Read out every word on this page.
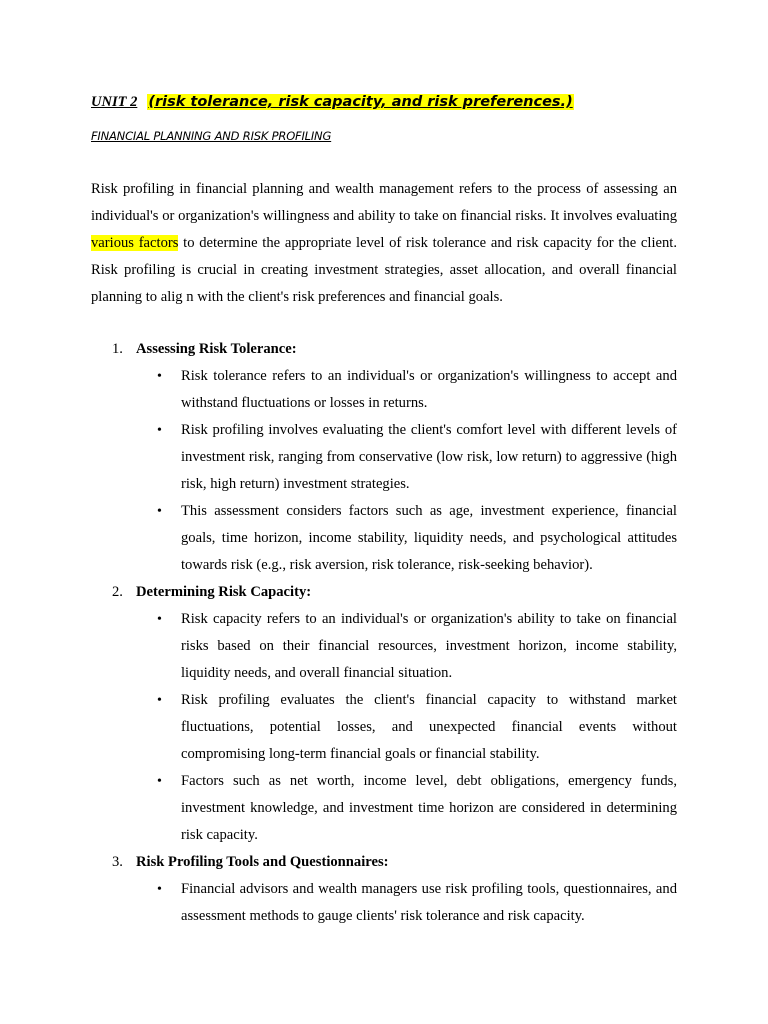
UNIT 2 (risk tolerance, risk capacity, and risk preferences.)
FINANCIAL PLANNING AND RISK PROFILING

Risk profiling in financial planning and wealth management refers to the process of assessing an individual's or organization's willingness and ability to take on financial risks. It involves evaluating various factors to determine the appropriate level of risk tolerance and risk capacity for the client. Risk profiling is crucial in creating investment strategies, asset allocation, and overall financial planning to alig n with the client's risk preferences and financial goals.

1. Assessing Risk Tolerance:
• Risk tolerance refers to an individual's or organization's willingness to accept and withstand fluctuations or losses in returns.
• Risk profiling involves evaluating the client's comfort level with different levels of investment risk, ranging from conservative (low risk, low return) to aggressive (high risk, high return) investment strategies.
• This assessment considers factors such as age, investment experience, financial goals, time horizon, income stability, liquidity needs, and psychological attitudes towards risk (e.g., risk aversion, risk tolerance, risk-seeking behavior).
2. Determining Risk Capacity:
• Risk capacity refers to an individual's or organization's ability to take on financial risks based on their financial resources, investment horizon, income stability, liquidity needs, and overall financial situation.
• Risk profiling evaluates the client's financial capacity to withstand market fluctuations, potential losses, and unexpected financial events without compromising long-term financial goals or financial stability.
• Factors such as net worth, income level, debt obligations, emergency funds, investment knowledge, and investment time horizon are considered in determining risk capacity.
3. Risk Profiling Tools and Questionnaires:
• Financial advisors and wealth managers use risk profiling tools, questionnaires, and assessment methods to gauge clients' risk tolerance and risk capacity.
